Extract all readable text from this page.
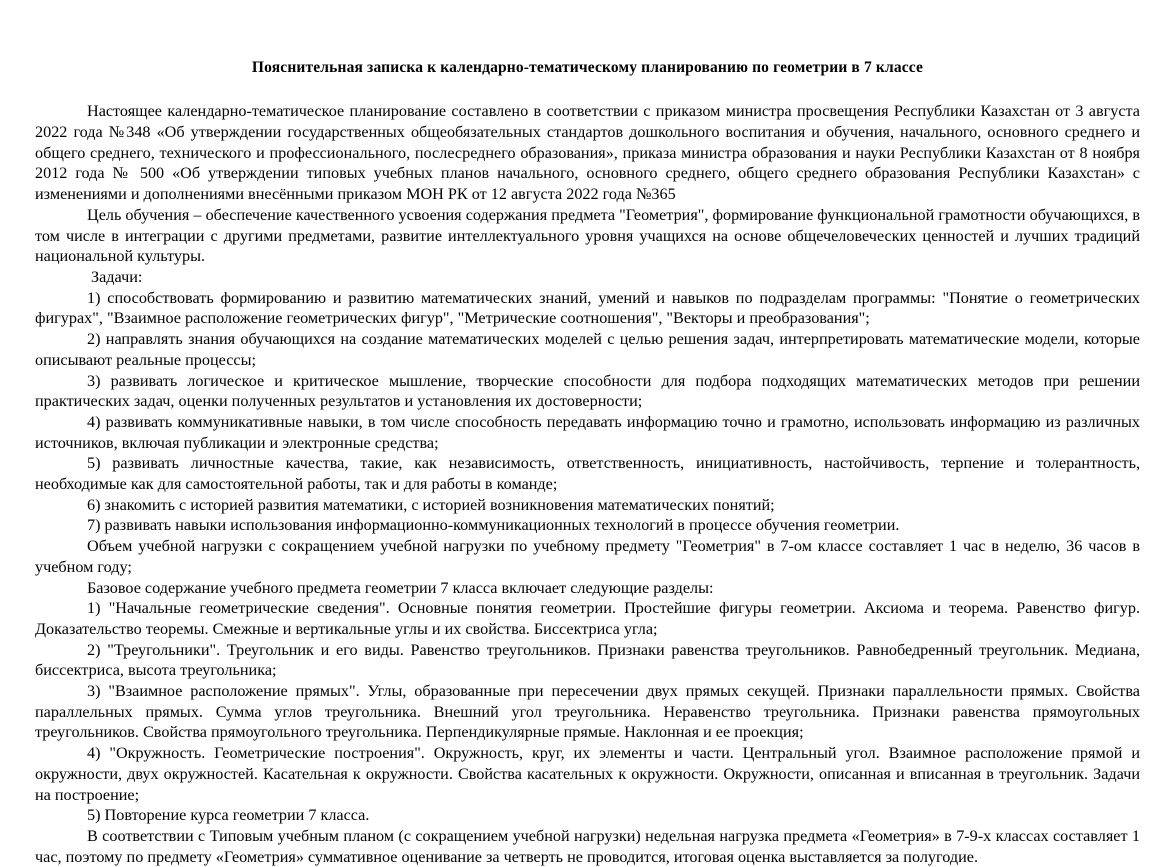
Пояснительная записка к календарно-тематическому планированию по геометрии в 7 классе

Настоящее календарно-тематическое планирование составлено в соответствии с приказом министра просвещения Республики Казахстан от 3 августа 2022 года №348 «Об утверждении государственных общеобязательных стандартов дошкольного воспитания и обучения, начального, основного среднего и общего среднего, технического и профессионального, послесреднего образования», приказа министра образования и науки Республики Казахстан от 8 ноября 2012 года № 500 «Об утверждении типовых учебных планов начального, основного среднего, общего среднего образования Республики Казахстан» с изменениями и дополнениями внесёнными приказом МОН РК от 12 августа 2022 года №365

Цель обучения – обеспечение качественного усвоения содержания предмета "Геометрия", формирование функциональной грамотности обучающихся, в том числе в интеграции с другими предметами, развитие интеллектуального уровня учащихся на основе общечеловеческих ценностей и лучших традиций национальной культуры.

Задачи:

1) способствовать формированию и развитию математических знаний, умений и навыков по подразделам программы: "Понятие о геометрических фигурах", "Взаимное расположение геометрических фигур", "Метрические соотношения", "Векторы и преобразования";

2) направлять знания обучающихся на создание математических моделей с целью решения задач, интерпретировать математические модели, которые описывают реальные процессы;

3) развивать логическое и критическое мышление, творческие способности для подбора подходящих математических методов при решении практических задач, оценки полученных результатов и установления их достоверности;

4) развивать коммуникативные навыки, в том числе способность передавать информацию точно и грамотно, использовать информацию из различных источников, включая публикации и электронные средства;

5) развивать личностные качества, такие, как независимость, ответственность, инициативность, настойчивость, терпение и толерантность, необходимые как для самостоятельной работы, так и для работы в команде;

6) знакомить с историей развития математики, с историей возникновения математических понятий;

7) развивать навыки использования информационно-коммуникационных технологий в процессе обучения геометрии.

Объем учебной нагрузки с сокращением учебной нагрузки по учебному предмету "Геометрия" в 7-ом классе составляет 1 час в неделю, 36 часов в учебном году;

Базовое содержание учебного предмета геометрии 7 класса включает следующие разделы:

1) "Начальные геометрические сведения". Основные понятия геометрии. Простейшие фигуры геометрии. Аксиома и теорема. Равенство фигур. Доказательство теоремы. Смежные и вертикальные углы и их свойства. Биссектриса угла;

2) "Треугольники". Треугольник и его виды. Равенство треугольников. Признаки равенства треугольников. Равнобедренный треугольник. Медиана, биссектриса, высота треугольника;

3) "Взаимное расположение прямых". Углы, образованные при пересечении двух прямых секущей. Признаки параллельности прямых. Свойства параллельных прямых. Сумма углов треугольника. Внешний угол треугольника. Неравенство треугольника. Признаки равенства прямоугольных треугольников. Свойства прямоугольного треугольника. Перпендикулярные прямые. Наклонная и ее проекция;

4) "Окружность. Геометрические построения". Окружность, круг, их элементы и части. Центральный угол. Взаимное расположение прямой и окружности, двух окружностей. Касательная к окружности. Свойства касательных к окружности. Окружности, описанная и вписанная в треугольник. Задачи на построение;

5) Повторение курса геометрии 7 класса.

В соответствии с Типовым учебным планом (с сокращением учебной нагрузки) недельная нагрузка предмета «Геометрия» в 7-9-х классах составляет 1 час, поэтому по предмету «Геометрия» суммативное оценивание за четверть не проводится, итоговая оценка выставляется за полугодие.
